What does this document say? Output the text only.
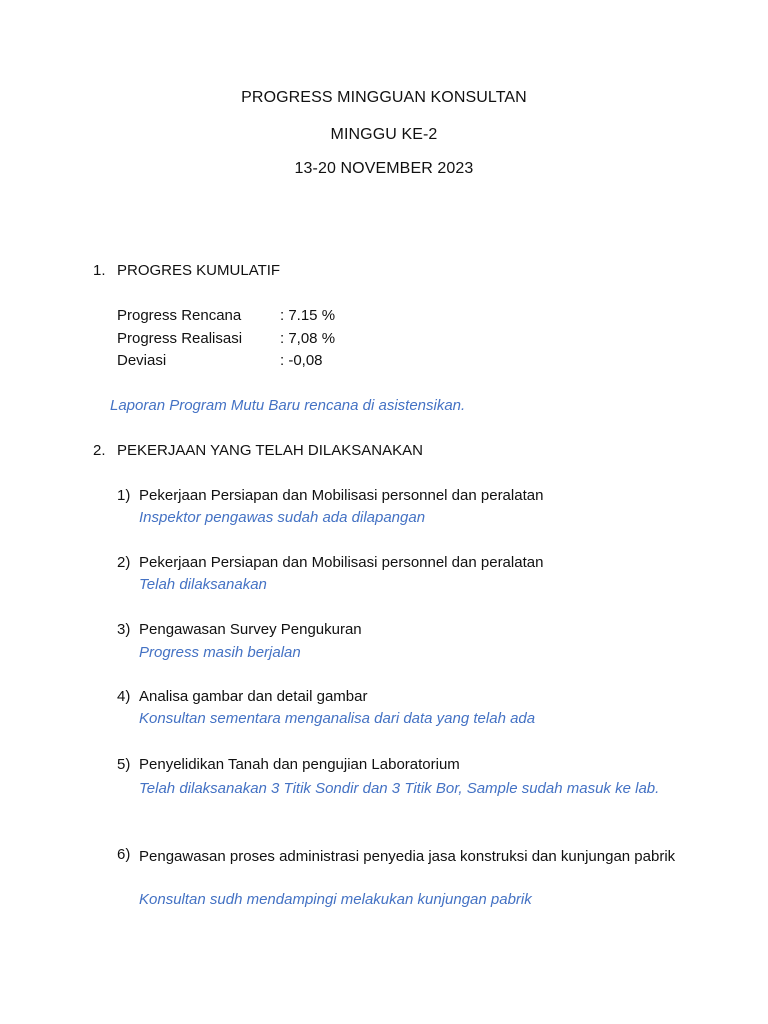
PROGRESS MINGGUAN KONSULTAN
MINGGU KE-2
13-20 NOVEMBER 2023
1. PROGRES KUMULATIF
Progress Rencana	: 7.15 %
Progress Realisasi	: 7,08 %
Deviasi	: -0,08
Laporan Program Mutu Baru rencana di asistensikan.
2. PEKERJAAN YANG TELAH DILAKSANAKAN
1) Pekerjaan Persiapan dan Mobilisasi personnel dan peralatan
Inspektor pengawas sudah ada dilapangan
2) Pekerjaan Persiapan dan Mobilisasi personnel dan peralatan
Telah dilaksanakan
3) Pengawasan Survey Pengukuran
Progress masih berjalan
4) Analisa gambar dan detail gambar
Konsultan sementara menganalisa dari data yang telah ada
5) Penyelidikan Tanah dan pengujian Laboratorium
Telah dilaksanakan 3 Titik Sondir dan 3 Titik Bor, Sample sudah masuk ke lab.
6) Pengawasan proses administrasi penyedia jasa konstruksi dan kunjungan pabrik
Konsultan sudh mendampingi melakukan kunjungan pabrik
